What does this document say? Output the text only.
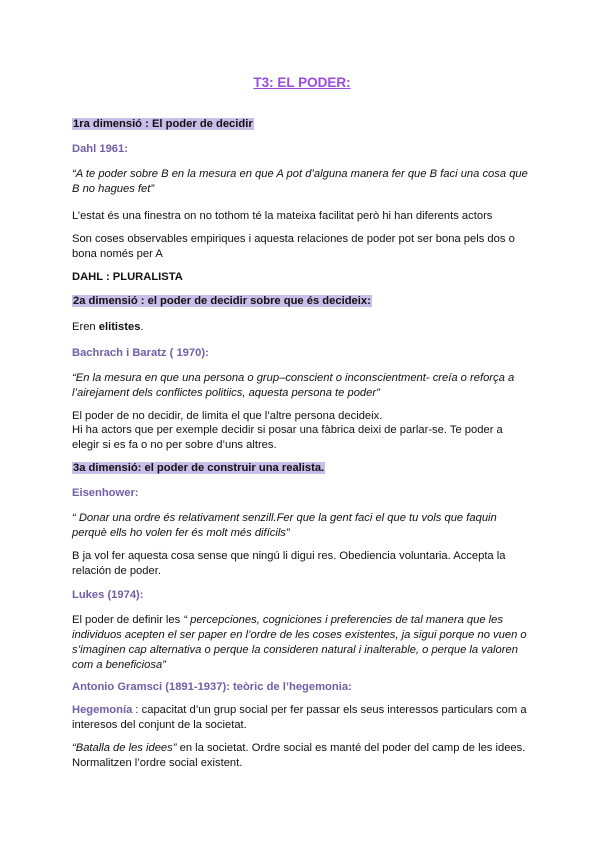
T3: EL PODER:
1ra dimensió : El poder de decidir
Dahl 1961:
“A te poder sobre B en la mesura en que A pot d’alguna manera fer que B faci una cosa que B no hagues fet”
L’estat és una finestra on no tothom té la mateixa facilitat però hi han diferents actors
Son coses observables empiriques i aquesta relaciones de poder pot ser bona pels dos o bona només per A
DAHL : PLURALISTA
2a dimensió : el poder de decidir sobre que és decideix:
Eren elitistes.
Bachrach i Baratz ( 1970):
“En la mesura en que una persona o grup–conscient o inconscientment- creía o reforça a l’airejament dels conflictes politiics, aquesta persona te poder”
El poder de no decidir, de limita el que l’altre persona decideix.
Hi ha actors que per exemple decidir si posar una fàbrica deixi de parlar-se. Te poder a elegir si es fa o no per sobre d’uns altres.
3a dimensió: el poder de construir una realista.
Eisenhower:
“ Donar una ordre és relativament senzill.Fer que la gent faci el que tu vols que faquin perquè ells ho volen fer és molt més difícils”
B ja vol fer aquesta cosa sense que ningú li digui res. Obediencia voluntaria. Accepta la relación de poder.
Lukes (1974):
El poder de definir les “ percepciones, cogniciones i preferencies de tal manera que les individuos acepten el ser paper en l’ordre de les coses existentes, ja sigui porque no vuen o s’imaginen cap alternativa o perque la consideren natural i inalterable, o perque la valoren com a beneficiosa”
Antonio Gramsci (1891-1937): teòric de l’hegemonia:
Hegemonía : capacitat d’un grup social per fer passar els seus interessos particulars com a interesos del conjunt de la societat.
“Batalla de les idees” en la societat. Ordre social es manté del poder del camp de les idees. Normalitzen l’ordre social existent.
